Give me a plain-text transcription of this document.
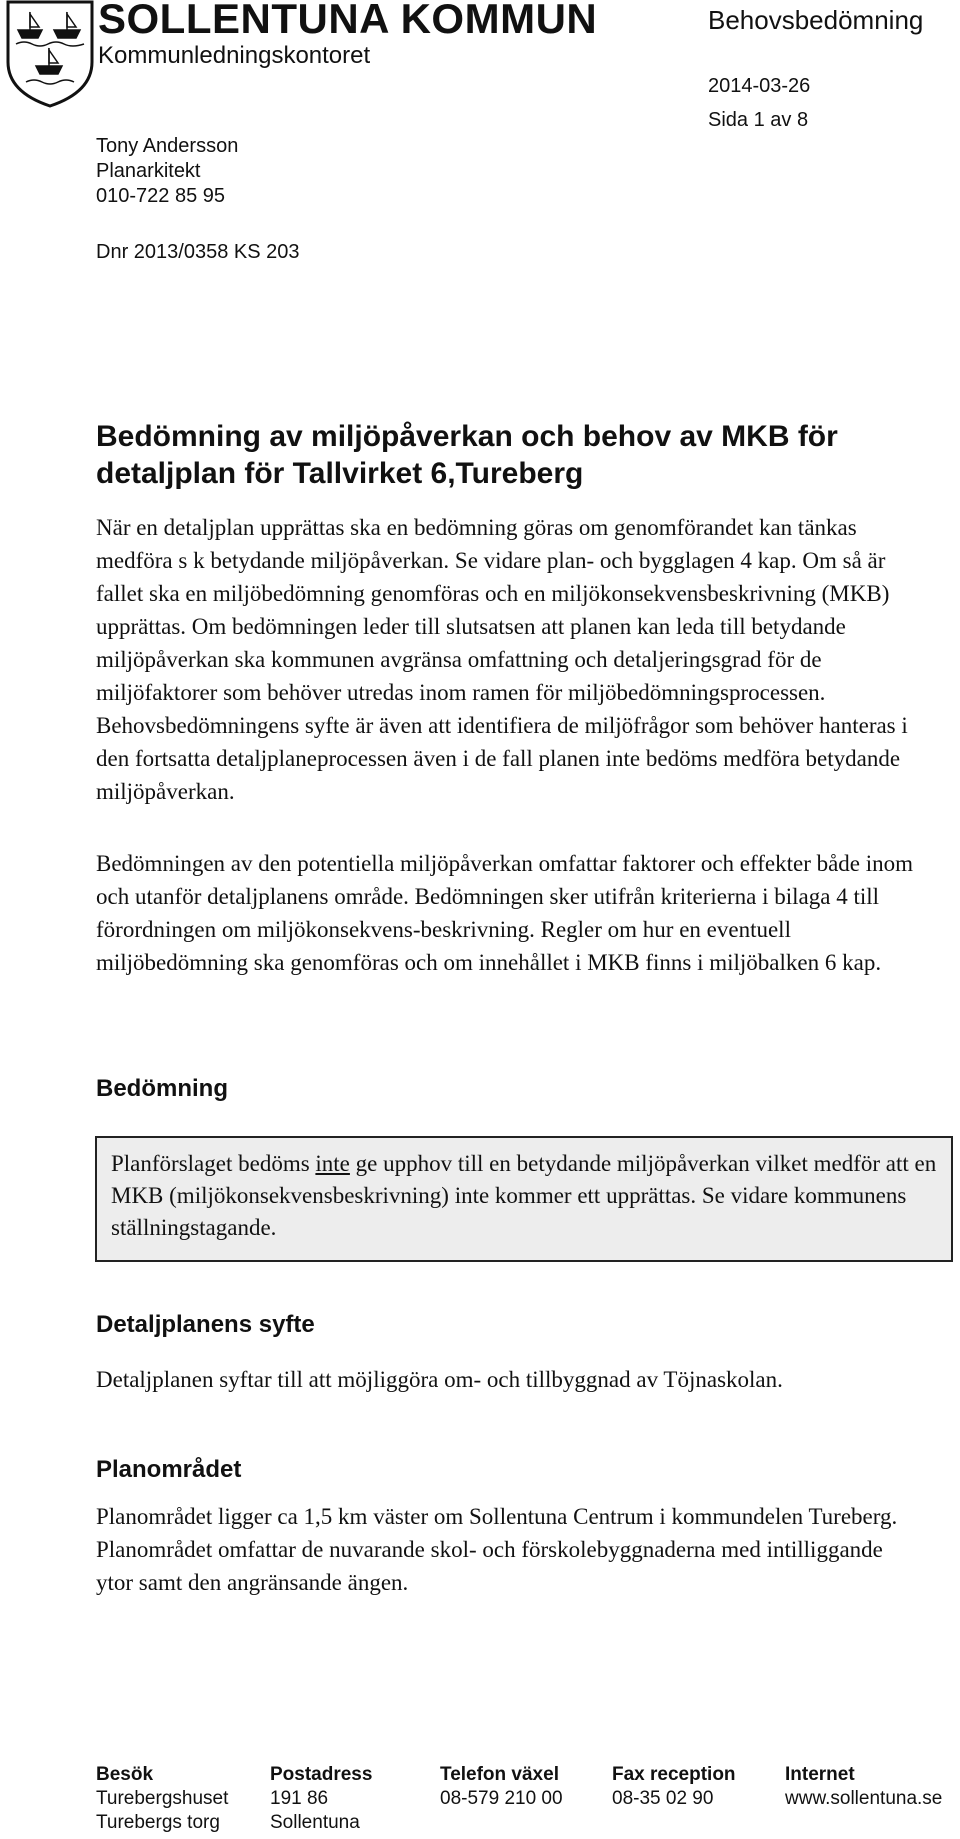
SOLLENTUNA KOMMUN
Kommunledningskontoret
Behovsbedömning
2014-03-26
Sida 1 av 8
Tony Andersson
Planarkitekt
010-722 85 95
Dnr 2013/0358 KS 203
Bedömning av miljöpåverkan och behov av MKB för detaljplan för Tallvirket 6,Tureberg

När en detaljplan upprättas ska en bedömning göras om genomförandet kan tänkas medföra s k betydande miljöpåverkan. Se vidare plan- och bygglagen 4 kap. Om så är fallet ska en miljöbedömning genomföras och en miljökonsekvensbeskrivning (MKB) upprättas. Om bedömningen leder till slutsatsen att planen kan leda till betydande miljöpåverkan ska kommunen avgränsa omfattning och detaljeringsgrad för de miljöfaktorer som behöver utredas inom ramen för miljöbedömningsprocessen. Behovsbedömningens syfte är även att identifiera de miljöfrågor som behöver hanteras i den fortsatta detaljplaneprocessen även i de fall planen inte bedöms medföra betydande miljöpåverkan.

Bedömningen av den potentiella miljöpåverkan omfattar faktorer och effekter både inom och utanför detaljplanens område. Bedömningen sker utifrån kriterierna i bilaga 4 till förordningen om miljökonsekvens-beskrivning. Regler om hur en eventuell miljöbedömning ska genomföras och om innehållet i MKB finns i miljöbalken 6 kap.

Bedömning

Planförslaget bedöms inte ge upphov till en betydande miljöpåverkan vilket medför att en MKB (miljökonsekvensbeskrivning) inte kommer ett upprättas. Se vidare kommunens ställningstagande.

Detaljplanens syfte

Detaljplanen syftar till att möjliggöra om- och tillbyggnad av Töjnaskolan.

Planområdet

Planområdet ligger ca 1,5 km väster om Sollentuna Centrum i kommundelen Tureberg. Planområdet omfattar de nuvarande skol- och förskolebyggnaderna med intilliggande ytor samt den angränsande ängen.

Besök
Turebergshuset
Turebergs torg
Postadress
191 86
Sollentuna
Telefon växel
08-579 210 00
Fax reception
08-35 02 90
Internet
www.sollentuna.se
